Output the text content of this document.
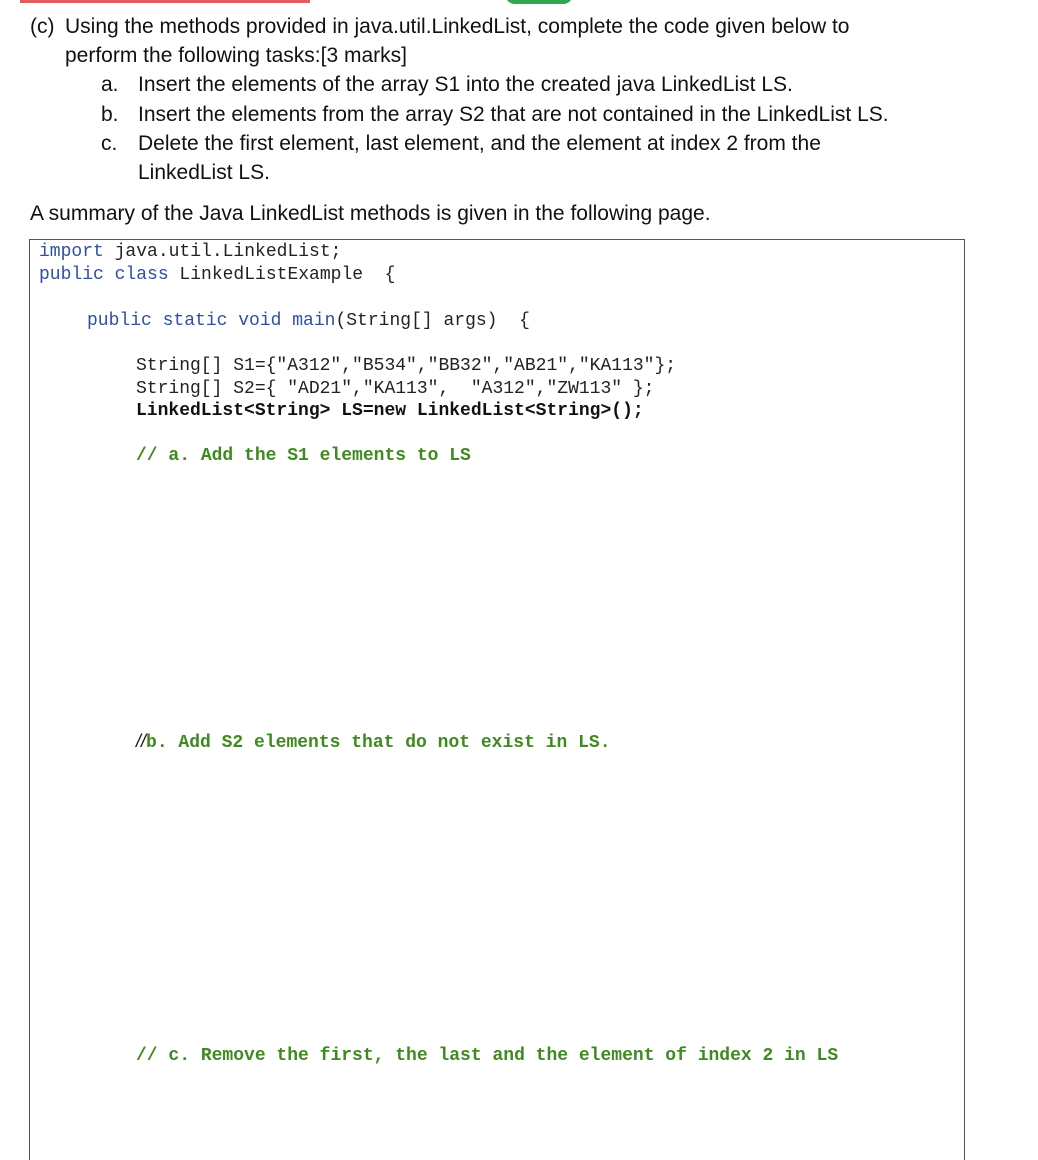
(c) Using the methods provided in java.util.LinkedList, complete the code given below to
perform the following tasks:[3 marks]
a. Insert the elements of the array S1 into the created java LinkedList LS.
b. Insert the elements from the array S2 that are not contained in the LinkedList LS.
c. Delete the first element, last element, and the element at index 2 from the
LinkedList LS.
A summary of the Java LinkedList methods is given in the following page.
import java.util.LinkedList;
public class LinkedListExample  {
public static void main(String[] args)  {
String[] S1={"A312","B534","BB32","AB21","KA113"};
String[] S2={ "AD21","KA113",  "A312","ZW113" };
LinkedList<String> LS=new LinkedList<String>();
// a. Add the S1 elements to LS
//b. Add S2 elements that do not exist in LS.
// c. Remove the first, the last and the element of index 2 in LS
